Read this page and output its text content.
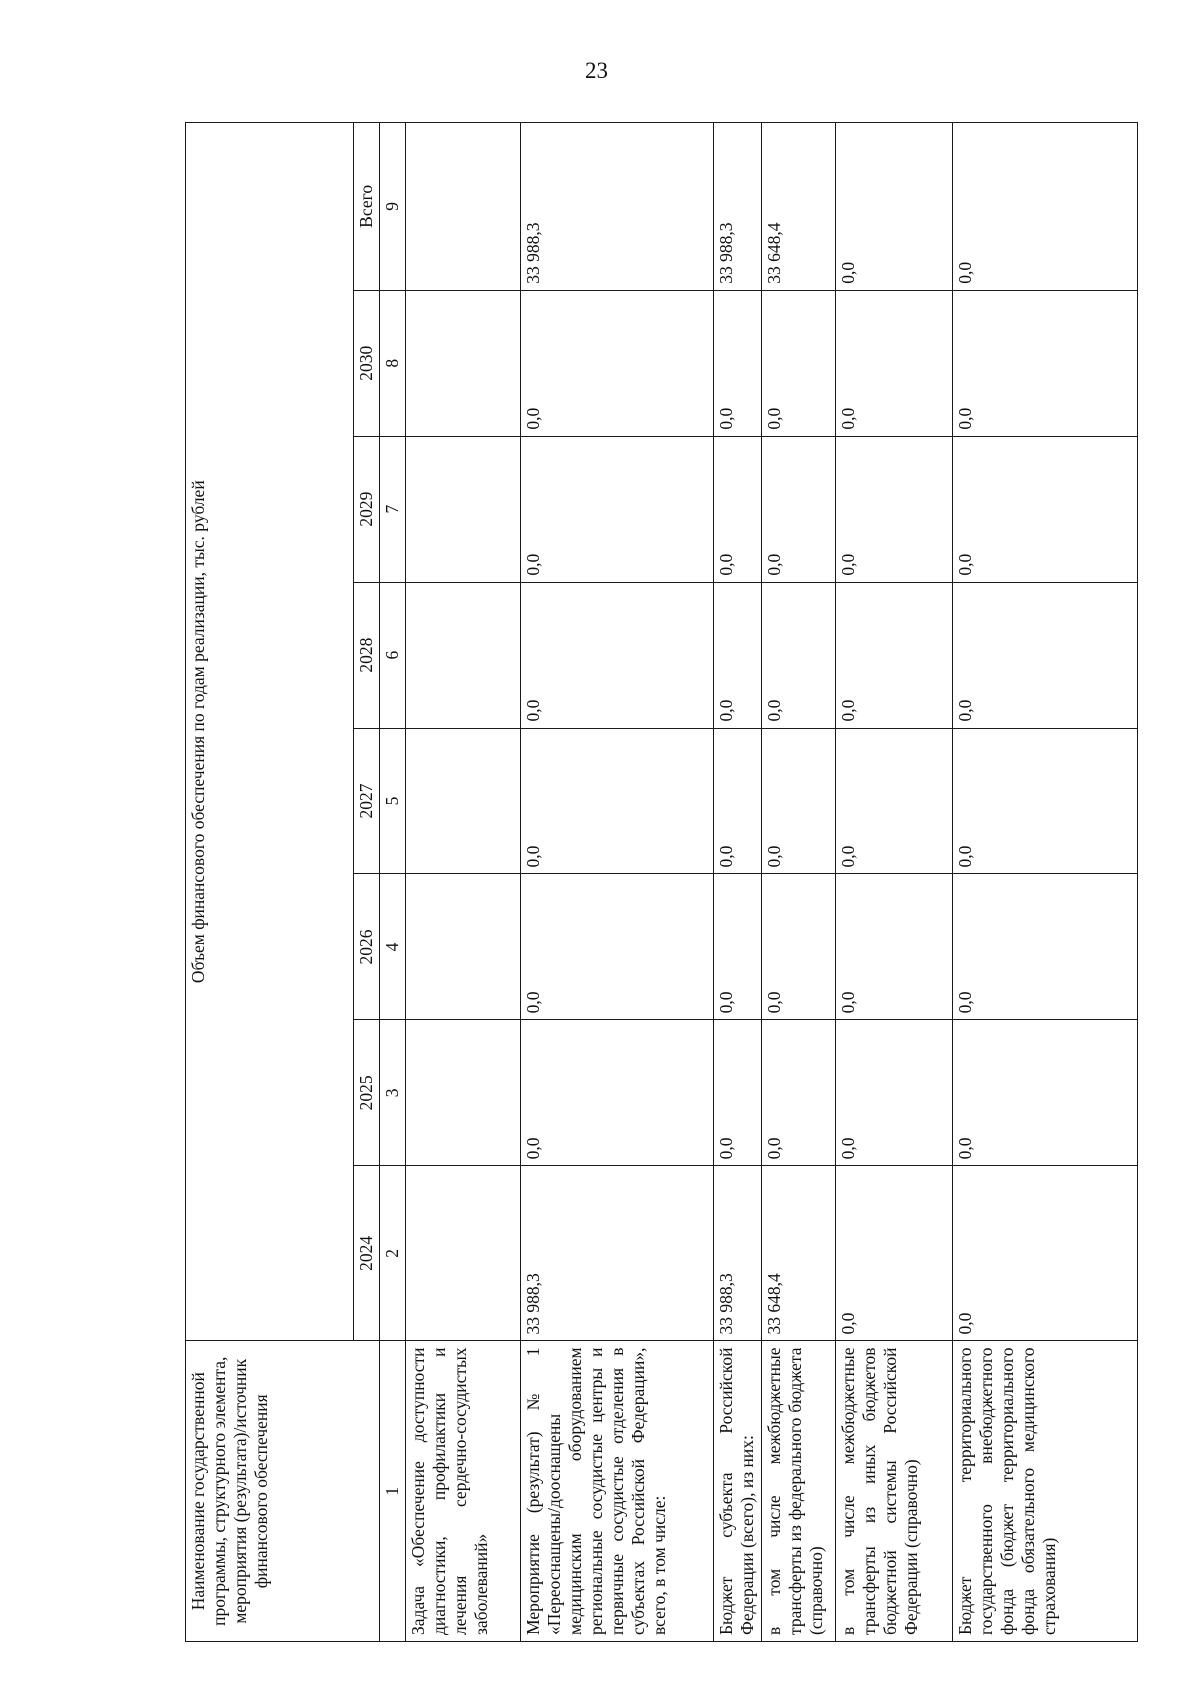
23
Наименование государственной программы, структурного элемента, мероприятия (результата)/источник финансового обеспечения	Объем финансового обеспечения по годам реализации, тыс. рублей							
	2024	2025	2026	2027	2028	2029	2030	Всего
1	2	3	4	5	6	7	8	9
Задача «Обеспечение доступности диагностики, профилактики и лечения сердечно-сосудистых заболеваний»								
Мероприятие (результат) № 1 «Переоснащены/дооснащены медицинским оборудованием региональные сосудистые центры и первичные сосудистые отделения в субъектах Российской Федерации», всего, в том числе:	33 988,3	0,0	0,0	0,0	0,0	0,0	0,0	33 988,3
Бюджет субъекта Российской Федерации (всего), из них:	33 988,3	0,0	0,0	0,0	0,0	0,0	0,0	33 988,3
в том числе межбюджетные трансферты из федерального бюджета (справочно)	33 648,4	0,0	0,0	0,0	0,0	0,0	0,0	33 648,4
в том числе межбюджетные трансферты из иных бюджетов бюджетной системы Российской Федерации (справочно)	0,0	0,0	0,0	0,0	0,0	0,0	0,0	0,0
Бюджет территориального государственного внебюджетного фонда (бюджет территориального фонда обязательного медицинского страхования)	0,0	0,0	0,0	0,0	0,0	0,0	0,0	0,0
